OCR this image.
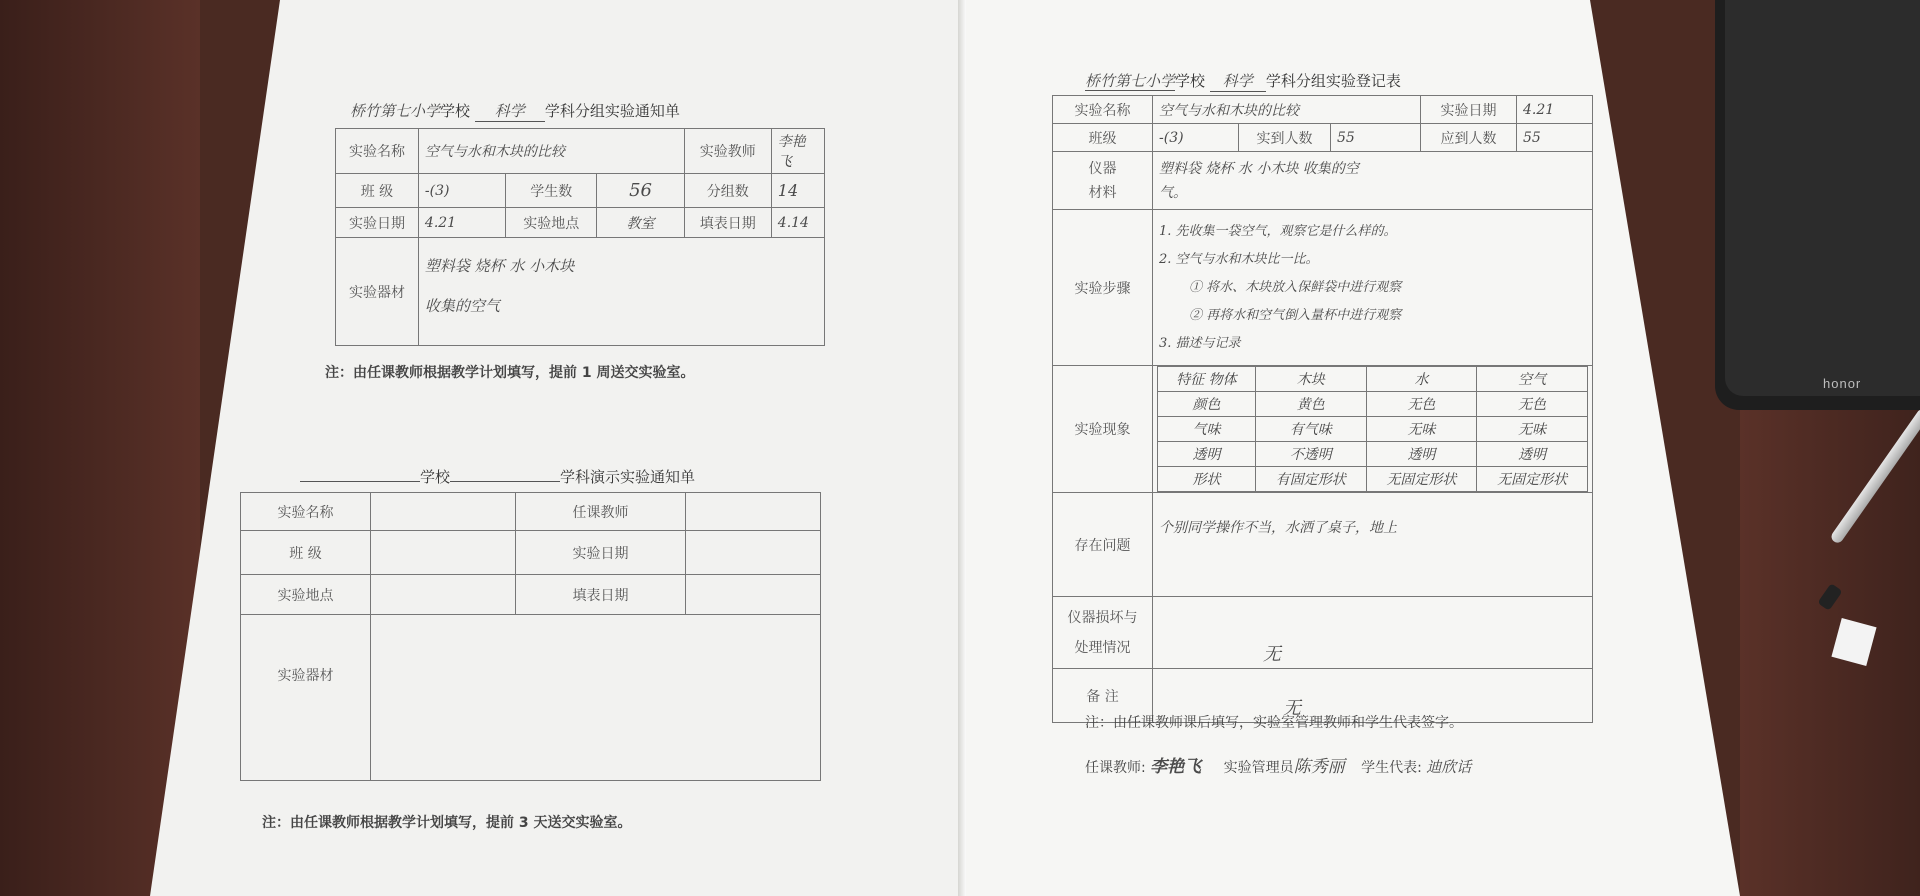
honor
桥竹第七小学学校 科学 学科分组实验通知单
实验名称	空气与水和木块的比较			实验教师	李艳飞
班 级	-(3)	学生数	56	分组数	14
实验日期	4.21	实验地点	教室	填表日期	4.14
实验器材	塑料袋 烧杯 水 小木块
收集的空气				
注：由任课教师根据教学计划填写，提前 1 周送交实验室。
学校	学科演示实验通知单
实验名称		任课教师	
班 级		实验日期	
实验地点		填表日期	
实验器材			
注：由任课教师根据教学计划填写，提前 3 天送交实验室。
桥竹第七小学学校 科学 学科分组实验登记表
实验名称	空气与水和木块的比较	实验日期	4.21
班级	-(3)	实到人数	55	应到人数	55

仪器
材料

塑料袋 烧杯 水 小木块 收集的空
气。

实验步骤	
1. 先收集一袋空气，观察它是什么样的。
2. 空气与水和木块比一比。
① 将水、木块放入保鲜袋中进行观察
② 再将水和空气倒入量杯中进行观察
3. 描述与记录

实验现象	
特征 物体	木块	水	空气
颜色	黄色	无色	无色
气味	有气味	无味	无味
透明	不透明	透明	透明
形状	有固定形状	无固定形状	无固定形状

存在问题	个别同学操作不当，水洒了桌子，地上

仪器损坏与
处理情况	无
备 注	无
注：由任课教师课后填写，实验室管理教师和学生代表签字。
任课教师: 李艳飞 实验管理员陈秀丽 学生代表: 迪欣话
